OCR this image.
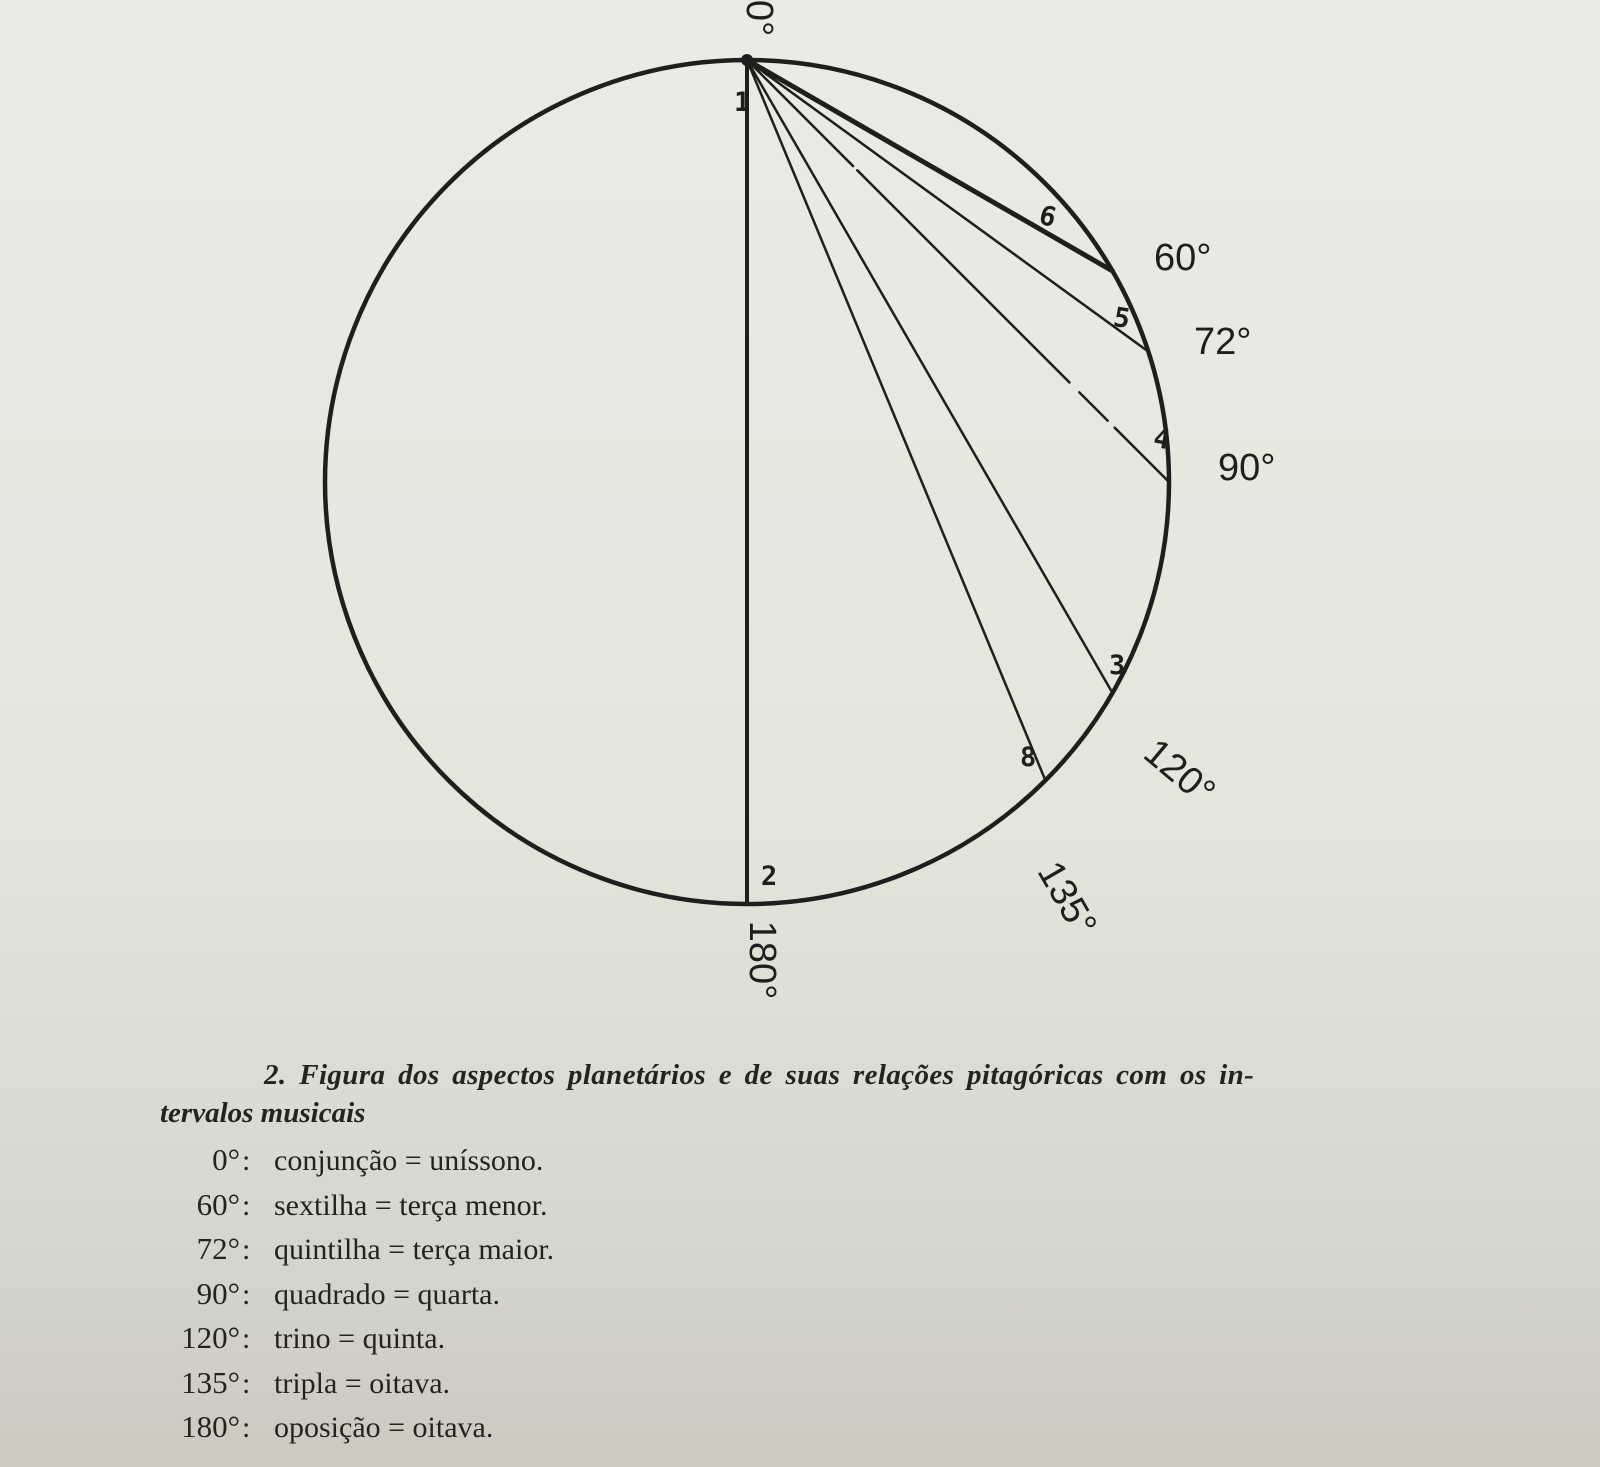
0°
60°
72°
90°
120°
135°
180°
1
6
5
4
3
8
2
2. Figura dos aspectos planetários e de suas relações pitagóricas com os in-
tervalos musicais
0° : conjunção = uníssono.
60° : sextilha = terça menor.
72° : quintilha = terça maior.
90° : quadrado = quarta.
120° : trino = quinta.
135° : tripla = oitava.
180° : oposição = oitava.
